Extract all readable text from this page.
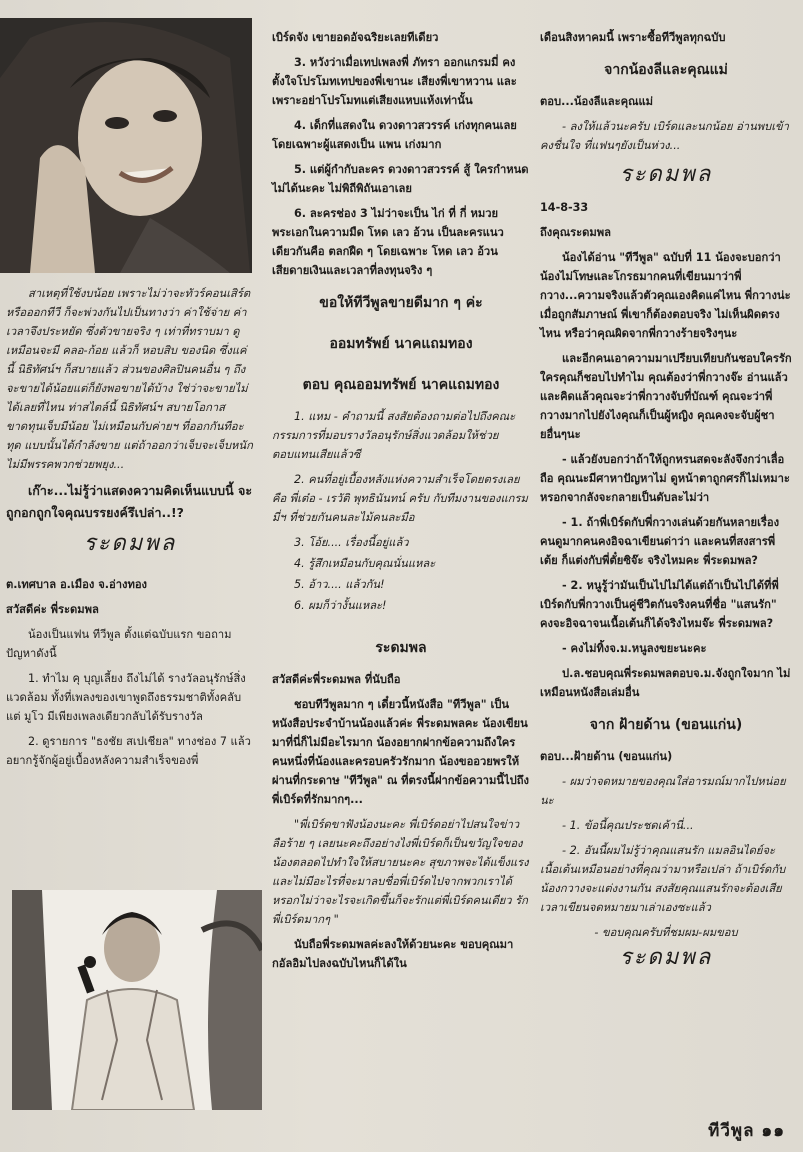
สาเหตุที่ใช้งบน้อย เพราะไม่ว่าจะทัวร์คอนเสิร์ต หรือออกทีวี ก็จะพ่วงกันไปเป็นทางว่า ค่าใช้จ่าย ค่าเวลาจึงประหยัด ซึ่งตัวขายจริง ๆ เท่าที่ทราบมา ดูเหมือนจะมี คลอ-ก้อย แล้วก็ หอบสิบ ของนิด ซึ่งแค่นี้ นิธิทัศน์ฯ ก็สบายแล้ว ส่วนของศิลปินคนอื่น ๆ ถึงจะขายได้น้อยแต่ก็ยังพอขายได้บ้าง ใช่ว่าจะขายไม่ได้เลยที่ไหน ท่าสไตล์นี้ นิธิทัศน์ฯ สบายโอกาสขาดทุนเจ็บมีน้อย ไม่เหมือนกับค่ายฯ ที่ออกกันทีอะทุด แบบนั้นได้กำลังขาย แต่ถ้าออกว่าเจ็บจะเจ็บหนัก ไม่มีพรรคพวกช่วยพยุง...

เก๊าะ...ไม่รู้ว่าแสดงความคิดเห็นแบบนี้ จะถูกอกถูกใจคุณบรรยงค์รึเปล่า..!?

ระดมพล

ต.เทศบาล อ.เมือง จ.อ่างทอง

สวัสดีค่ะ พี่ระดมพล

น้องเป็นแฟน ทีวีพูล ตั้งแต่ฉบับแรก ขอถามปัญหาดังนี้

1. ทำไม คุ บุญเลี้ยง ถึงไม่ได้ รางวัลอนุรักษ์สิ่งแวดล้อม ทั้งที่เพลงของเขาพูดถึงธรรมชาติทั้งคลับ แต่ มูโว มีเพียงเพลงเดียวกลับได้รับรางวัล

2. ดูรายการ "ธงชัย สเปเชียล" ทางช่อง 7 แล้ว อยากรู้จักผู้อยู่เบื้องหลังความสำเร็จของพี่

เบิร์ดจัง เขายอดอัจฉริยะเลยทีเดียว

3. หวังว่าเมื่อเทปเพลงพี่ ภัทรา ออกแกรมมี่ คงตั้งใจโปรโมทเทปของพี่เขานะ เสียงพี่เขาหวาน และเพราะอย่าโปรโมทแต่เสียงแหบแห้งเท่านั้น

4. เด็กที่แสดงใน ดวงดาวสวรรค์ เก่งทุกคนเลย โดยเฉพาะผู้แสดงเป็น แพน เก่งมาก

5. แต่ผู้กำกับละคร ดวงดาวสวรรค์ สู้ ใครกำหนด ไม่ได้นะคะ ไม่พิถีพิถันเอาเลย

6. ละครช่อง 3 ไม่ว่าจะเป็น ไก่ ที่ กี่ หมวยพระเอกในความมืด โหด เลว อ้วน เป็นละครแนวเดียวกันคือ ตลกฝืด ๆ โดยเฉพาะ โหด เลว อ้วน เสียดายเงินและเวลาที่ลงทุนจริง ๆ

ขอให้ทีวีพูลขายดีมาก ๆ ค่ะ
ออมทรัพย์ นาคแถมทอง
ตอบ คุณออมทรัพย์ นาคแถมทอง

1. แหม - คำถามนี้ สงสัยต้องถามต่อไปถึงคณะกรรมการที่มอบรางวัลอนุรักษ์สิ่งแวดล้อมให้ช่วยตอบแทนเสียแล้วซี

2. คนที่อยู่เบื้องหลังแห่งความสำเร็จโดยตรงเลย คือ พี่เต๋อ - เรวัติ พุทธินันทน์ ครับ กับทีมงานของแกรมมี่ฯ ที่ช่วยกันคนละไม้คนละมือ

3. โอ้ย.... เรื่องนี้อยู่แล้ว

4. รู้สึกเหมือนกับคุณนั่นแหละ

5. อ้าว.... แล้วกัน!

6. ผมก็ว่างั้นแหละ!

ระดมพล

สวัสดีค่ะพี่ระดมพล ที่นับถือ

ชอบทีวีพูลมาก ๆ เดี๋ยวนี้หนังสือ "ทีวีพูล" เป็นหนังสือประจำบ้านน้องแล้วค่ะ พี่ระดมพลคะ น้องเขียนมาที่นี่ก็ไม่มีอะไรมาก น้องอยากฝากข้อความถึงใครคนหนึ่งที่น้องและครอบครัวรักมาก น้องขออวยพรให้ผ่านที่กระดาษ "ทีวีพูล" ณ ที่ตรงนี้ฝากข้อความนี้ไปถึงพี่เบิร์ดที่รักมากๆ...

"พี่เบิร์ดขาฟังน้องนะคะ พี่เบิร์ดอย่าไปสนใจข่าวลือร้าย ๆ เลยนะคะถึงอย่างไงพี่เบิร์ดก็เป็นขวัญใจของน้องตลอดไปทำใจให้สบายนะคะ สุขภาพจะได้แข็งแรง และไม่มีอะไรที่จะมาลบชื่อพี่เบิร์ดไปจากพวกเราได้หรอกไม่ว่าจะไรจะเกิดขึ้นก็จะรักแต่พี่เบิร์ดคนเดียว รักพี่เบิร์ดมากๆ "

นับถือพี่ระดมพลค่ะลงให้ด้วยนะคะ ขอบคุณมากอัลอิมไปลงฉบับไหนก็ได้ใน

เดือนสิงหาคมนี้ เพราะซื้อทีวีพูลทุกฉบับ

จากน้องลีและคุณแม่

ตอบ...น้องลีและคุณแม่

- ลงให้แล้วนะครับ เบิร์ดและนกน้อย อ่านพบเข้าคงชื่นใจ ที่แฟนๆยังเป็นห่วง...

ระดมพล

14-8-33

ถึงคุณระดมพล

น้องได้อ่าน "ทีวีพูล" ฉบับที่ 11 น้องจะบอกว่าน้องไม่โทษและโกรธมากคนที่เขียนมาว่าพี่กวาง...ความจริงแล้วตัวคุณเองคิดแค่ไหน พี่กวางน่ะเมื่อถูกสัมภาษณ์ พี่เขาก็ต้องตอบจริง ไม่เห็นผิดตรงไหน หรือว่าคุณผิดจากพี่กวางร้ายจริงๆนะ

และอีกคนเอาความมาเปรียบเทียบกันชอบใครรักใครคุณก็ชอบไปทำไม คุณต้องว่าพี่กวางจ๊ะ อ่านแล้วและคิดแล้วคุณจะว่าพี่กวางจับที่บัณฑ์ คุณจะว่าพี่กวางมากไปยังไงคุณก็เป็นผู้หญิง คุณคงจะจับผู้ชายอื่นๆนะ

- แล้วยังบอกว่าถ้าให้ถูกหรนสดจะลังจึงกว่าเลื่อถือ คุณนะมีศาหาปัญหาไม่ ดูหน้าตาถูกศรก็ไม่เหมาะหรอกจากลังจะกลายเป็นดับละไม่ว่า

- 1. ถ้าพี่เบิร์ดกับพี่กวางเล่นด้วยกันหลายเรื่อง คนดูมากคนคงอิจฉาเขียนด่าว่า และคนที่สงสารพี่เต้ย ก็แต่งกับพี่ตั๋ยซิจ๊ะ จริงไหมคะ พี่ระดมพล?

- 2. หนูรู้ว่ามันเป็นไปไม่ได้แต่ถ้าเป็นไปได้ที่พี่เบิร์ดกับพี่กวางเป็นคู่ชีวิตกันจริงคนที่ชื่อ "แสนรัก" คงจะอิจฉาจนเนื้อเต้นก็ได้จริงไหมจ๊ะ พี่ระดมพล?

- คงไม่ทิ้งจ.ม.หนูลงขยะนะคะ

ป.ล.ชอบคุณพี่ระดมพลตอบจ.ม.จังถูกใจมาก ไม่เหมือนหนังสือเล่มอื่น

จาก ฝ้ายด้าน (ขอนแก่น)

ตอบ...ฝ้ายด้าน (ขอนแก่น)

- ผมว่าจดหมายของคุณใส่อารมณ์มากไปหน่อยนะ

- 1. ข้อนี้คุณประชดเค้านี่...

- 2. อันนี้ผมไม่รู้ว่าคุณแสนรัก แมลอินไดย์จะเนื้อเต้นเหมือนอย่างที่คุณว่ามาหรือเปล่า ถ้าเบิร์ดกับน้องกวางจะแต่งงานกัน สงสัยคุณแสนรักจะต้องเสียเวลาเขียนจดหมายมาเล่าเองซะแล้ว

- ขอบคุณครับที่ชมผม-ผมขอบ

ระดมพล
ทีวีพูล ๑๑
